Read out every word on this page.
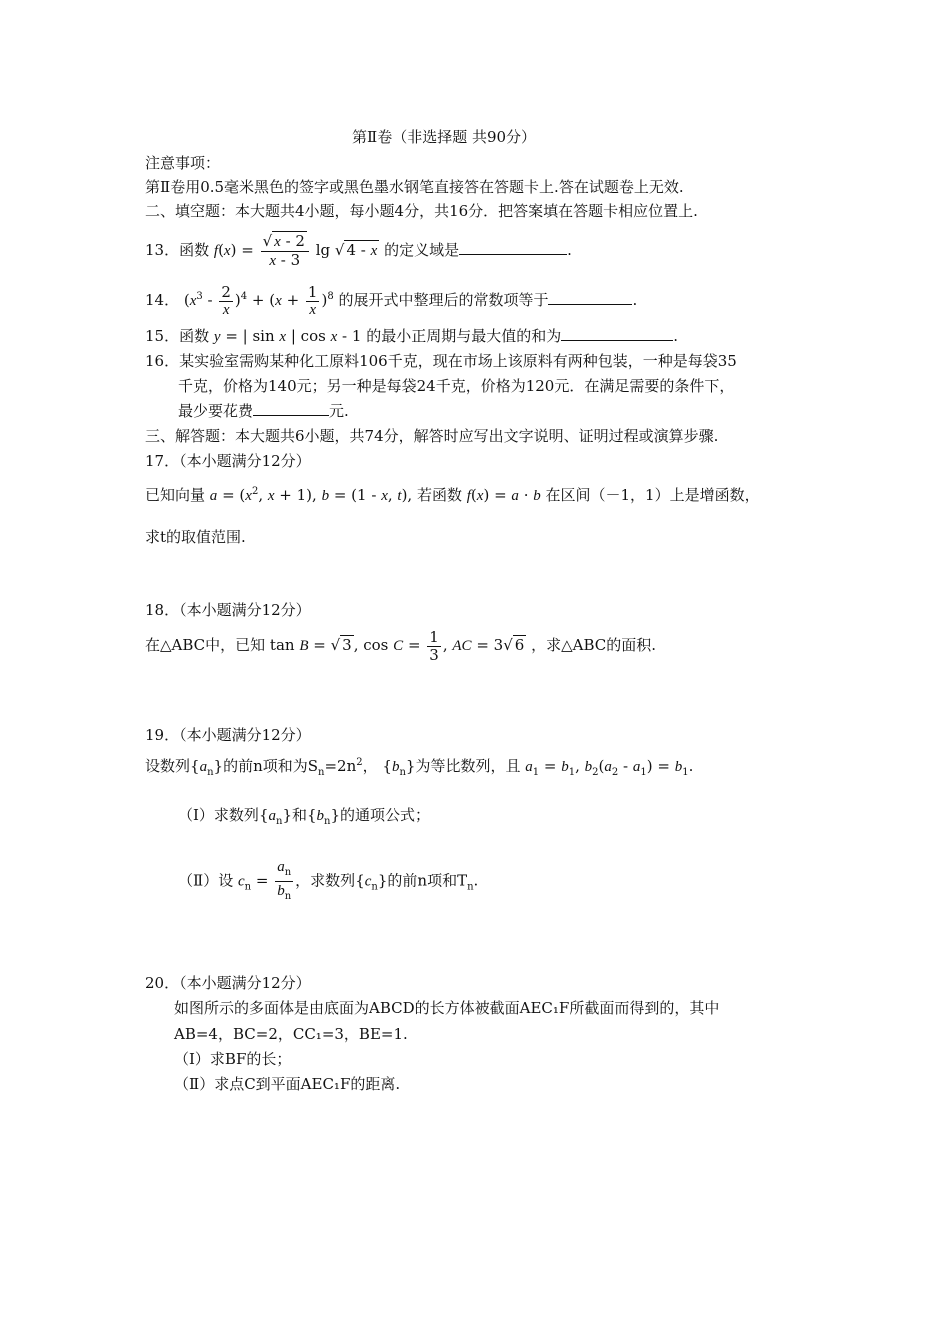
第Ⅱ卷（非选择题 共90分）
注意事项：
第Ⅱ卷用0.5毫米黑色的签字或黑色墨水钢笔直接答在答题卡上.答在试题卷上无效.
二、填空题：本大题共4小题，每小题4分，共16分．把答案填在答题卡相应位置上.
13．函数 $f(x) = \frac{√ x - 2}{x - 3}$ lg √ 4 - x 的定义域是	.
14． $(x^3 - \frac{2}{x} )^4 + (x + \frac{1}{x} )^8$ 的展开式中整理后的常数项等于	.
15．函数 y = | sin x | cos x - 1 的最小正周期与最大值的和为	.
16．某实验室需购某种化工原料106千克，现在市场上该原料有两种包装，一种是每袋35
千克，价格为140元；另一种是每袋24千克，价格为120元．在满足需要的条件下，
最少要花费	元.
三、解答题：本大题共6小题，共74分，解答时应写出文字说明、证明过程或演算步骤.
17．（本小题满分12分）
已知向量 $a = (x^2$, x + 1), b = (1 - x, t), 若函数 f(x) = a · b 在区间（－1，1）上是增函数，
求t的取值范围.
18．（本小题满分12分）
在△ABC中，已知 tan B = √ 3 , $\cos C = \frac{1}{3}$ , AC = 3√ 6 ，求△ABC的面积.
19．（本小题满分12分）
设数列$\{a_n\}$的前n项和为$S_n=2n^2$， $\{b_n\}$为等比数列，且 $a_1 = b_1$, $b_2(a_2 - a_1) = b_1$.
（Ⅰ）求数列$\{a_n\}$和$\{b_n\}$的通项公式；
（Ⅱ）设 $c_n = \frac{a_n}{b_n}$ ，求数列$\{c_n\}$的前n项和$T_n$.
20．（本小题满分12分）
如图所示的多面体是由底面为ABCD的长方体被截面AEC₁F所截面而得到的，其中
AB=4，BC=2，CC₁=3，BE=1.
（Ⅰ）求BF的长；
（Ⅱ）求点C到平面AEC₁F的距离.
